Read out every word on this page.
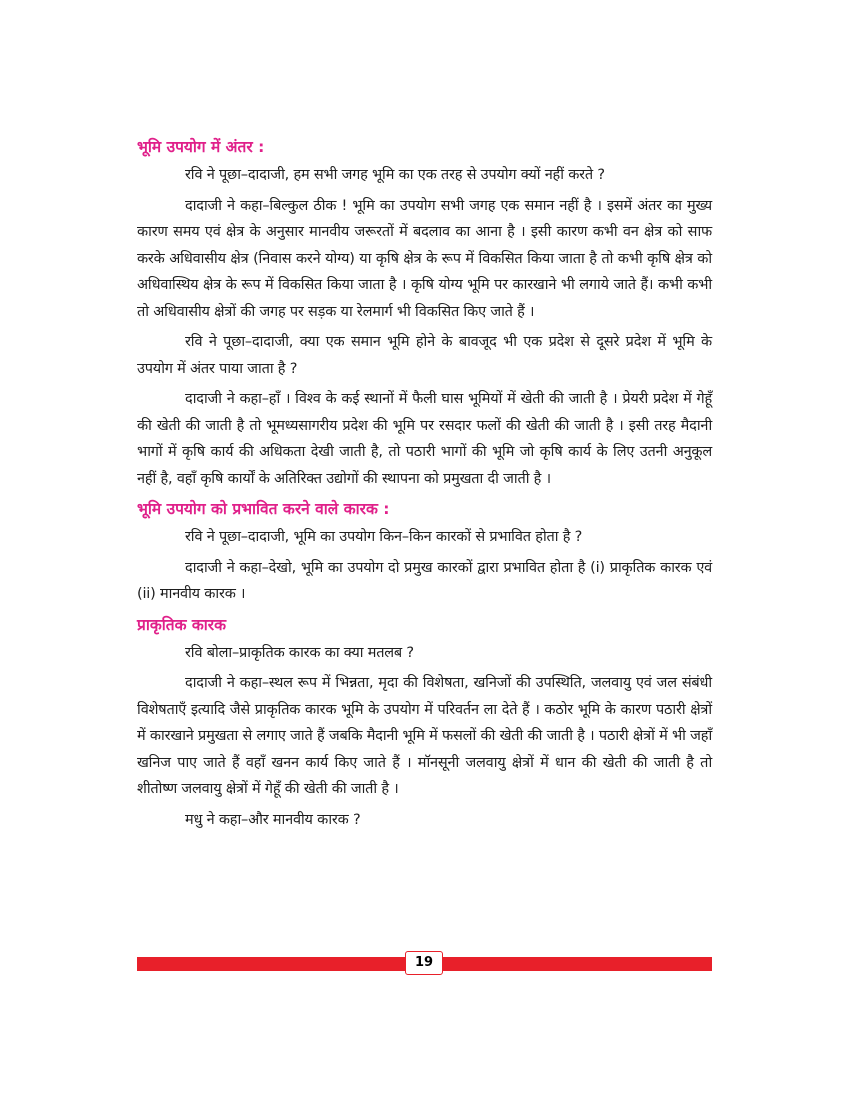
भूमि उपयोग में अंतर :

रवि ने पूछा–दादाजी, हम सभी जगह भूमि का एक तरह से उपयोग क्यों नहीं करते ?

दादाजी ने कहा–बिल्कुल ठीक ! भूमि का उपयोग सभी जगह एक समान नहीं है । इसमें अंतर का मुख्य कारण समय एवं क्षेत्र के अनुसार मानवीय जरूरतों में बदलाव का आना है । इसी कारण कभी वन क्षेत्र को साफ करके अधिवासीय क्षेत्र (निवास करने योग्य) या कृषि क्षेत्र के रूप में विकसित किया जाता है तो कभी कृषि क्षेत्र को अधिवास्थिय क्षेत्र के रूप में विकसित किया जाता है । कृषि योग्य भूमि पर कारखाने भी लगाये जाते हैं। कभी कभी तो अधिवासीय क्षेत्रों की जगह पर सड़क या रेलमार्ग भी विकसित किए जाते हैं ।

रवि ने पूछा–दादाजी, क्या एक समान भूमि होने के बावजूद भी एक प्रदेश से दूसरे प्रदेश में भूमि के उपयोग में अंतर पाया जाता है ?

दादाजी ने कहा–हाँ । विश्व के कई स्थानों में फैली घास भूमियों में खेती की जाती है । प्रेयरी प्रदेश में गेहूँ की खेती की जाती है तो भूमध्यसागरीय प्रदेश की भूमि पर रसदार फलों की खेती की जाती है । इसी तरह मैदानी भागों में कृषि कार्य की अधिकता देखी जाती है, तो पठारी भागों की भूमि जो कृषि कार्य के लिए उतनी अनुकूल नहीं है, वहाँ कृषि कार्यों के अतिरिक्त उद्योगों की स्थापना को प्रमुखता दी जाती है ।

भूमि उपयोग को प्रभावित करने वाले कारक :

रवि ने पूछा–दादाजी, भूमि का उपयोग किन–किन कारकों से प्रभावित होता है ?

दादाजी ने कहा–देखो, भूमि का उपयोग दो प्रमुख कारकों द्वारा प्रभावित होता है (i) प्राकृतिक कारक एवं (ii) मानवीय कारक ।

प्राकृतिक कारक

रवि बोला–प्राकृतिक कारक का क्या मतलब ?

दादाजी ने कहा–स्थल रूप में भिन्नता, मृदा की विशेषता, खनिजों की उपस्थिति, जलवायु एवं जल संबंधी विशेषताएँ इत्यादि जैसे प्राकृतिक कारक भूमि के उपयोग में परिवर्तन ला देते हैं । कठोर भूमि के कारण पठारी क्षेत्रों में कारखाने प्रमुखता से लगाए जाते हैं जबकि मैदानी भूमि में फसलों की खेती की जाती है । पठारी क्षेत्रों में भी जहाँ खनिज पाए जाते हैं वहाँ खनन कार्य किए जाते हैं । मॉनसूनी जलवायु क्षेत्रों में धान की खेती की जाती है तो शीतोष्ण जलवायु क्षेत्रों में गेहूँ की खेती की जाती है ।

मधु ने कहा–और मानवीय कारक ?

19
